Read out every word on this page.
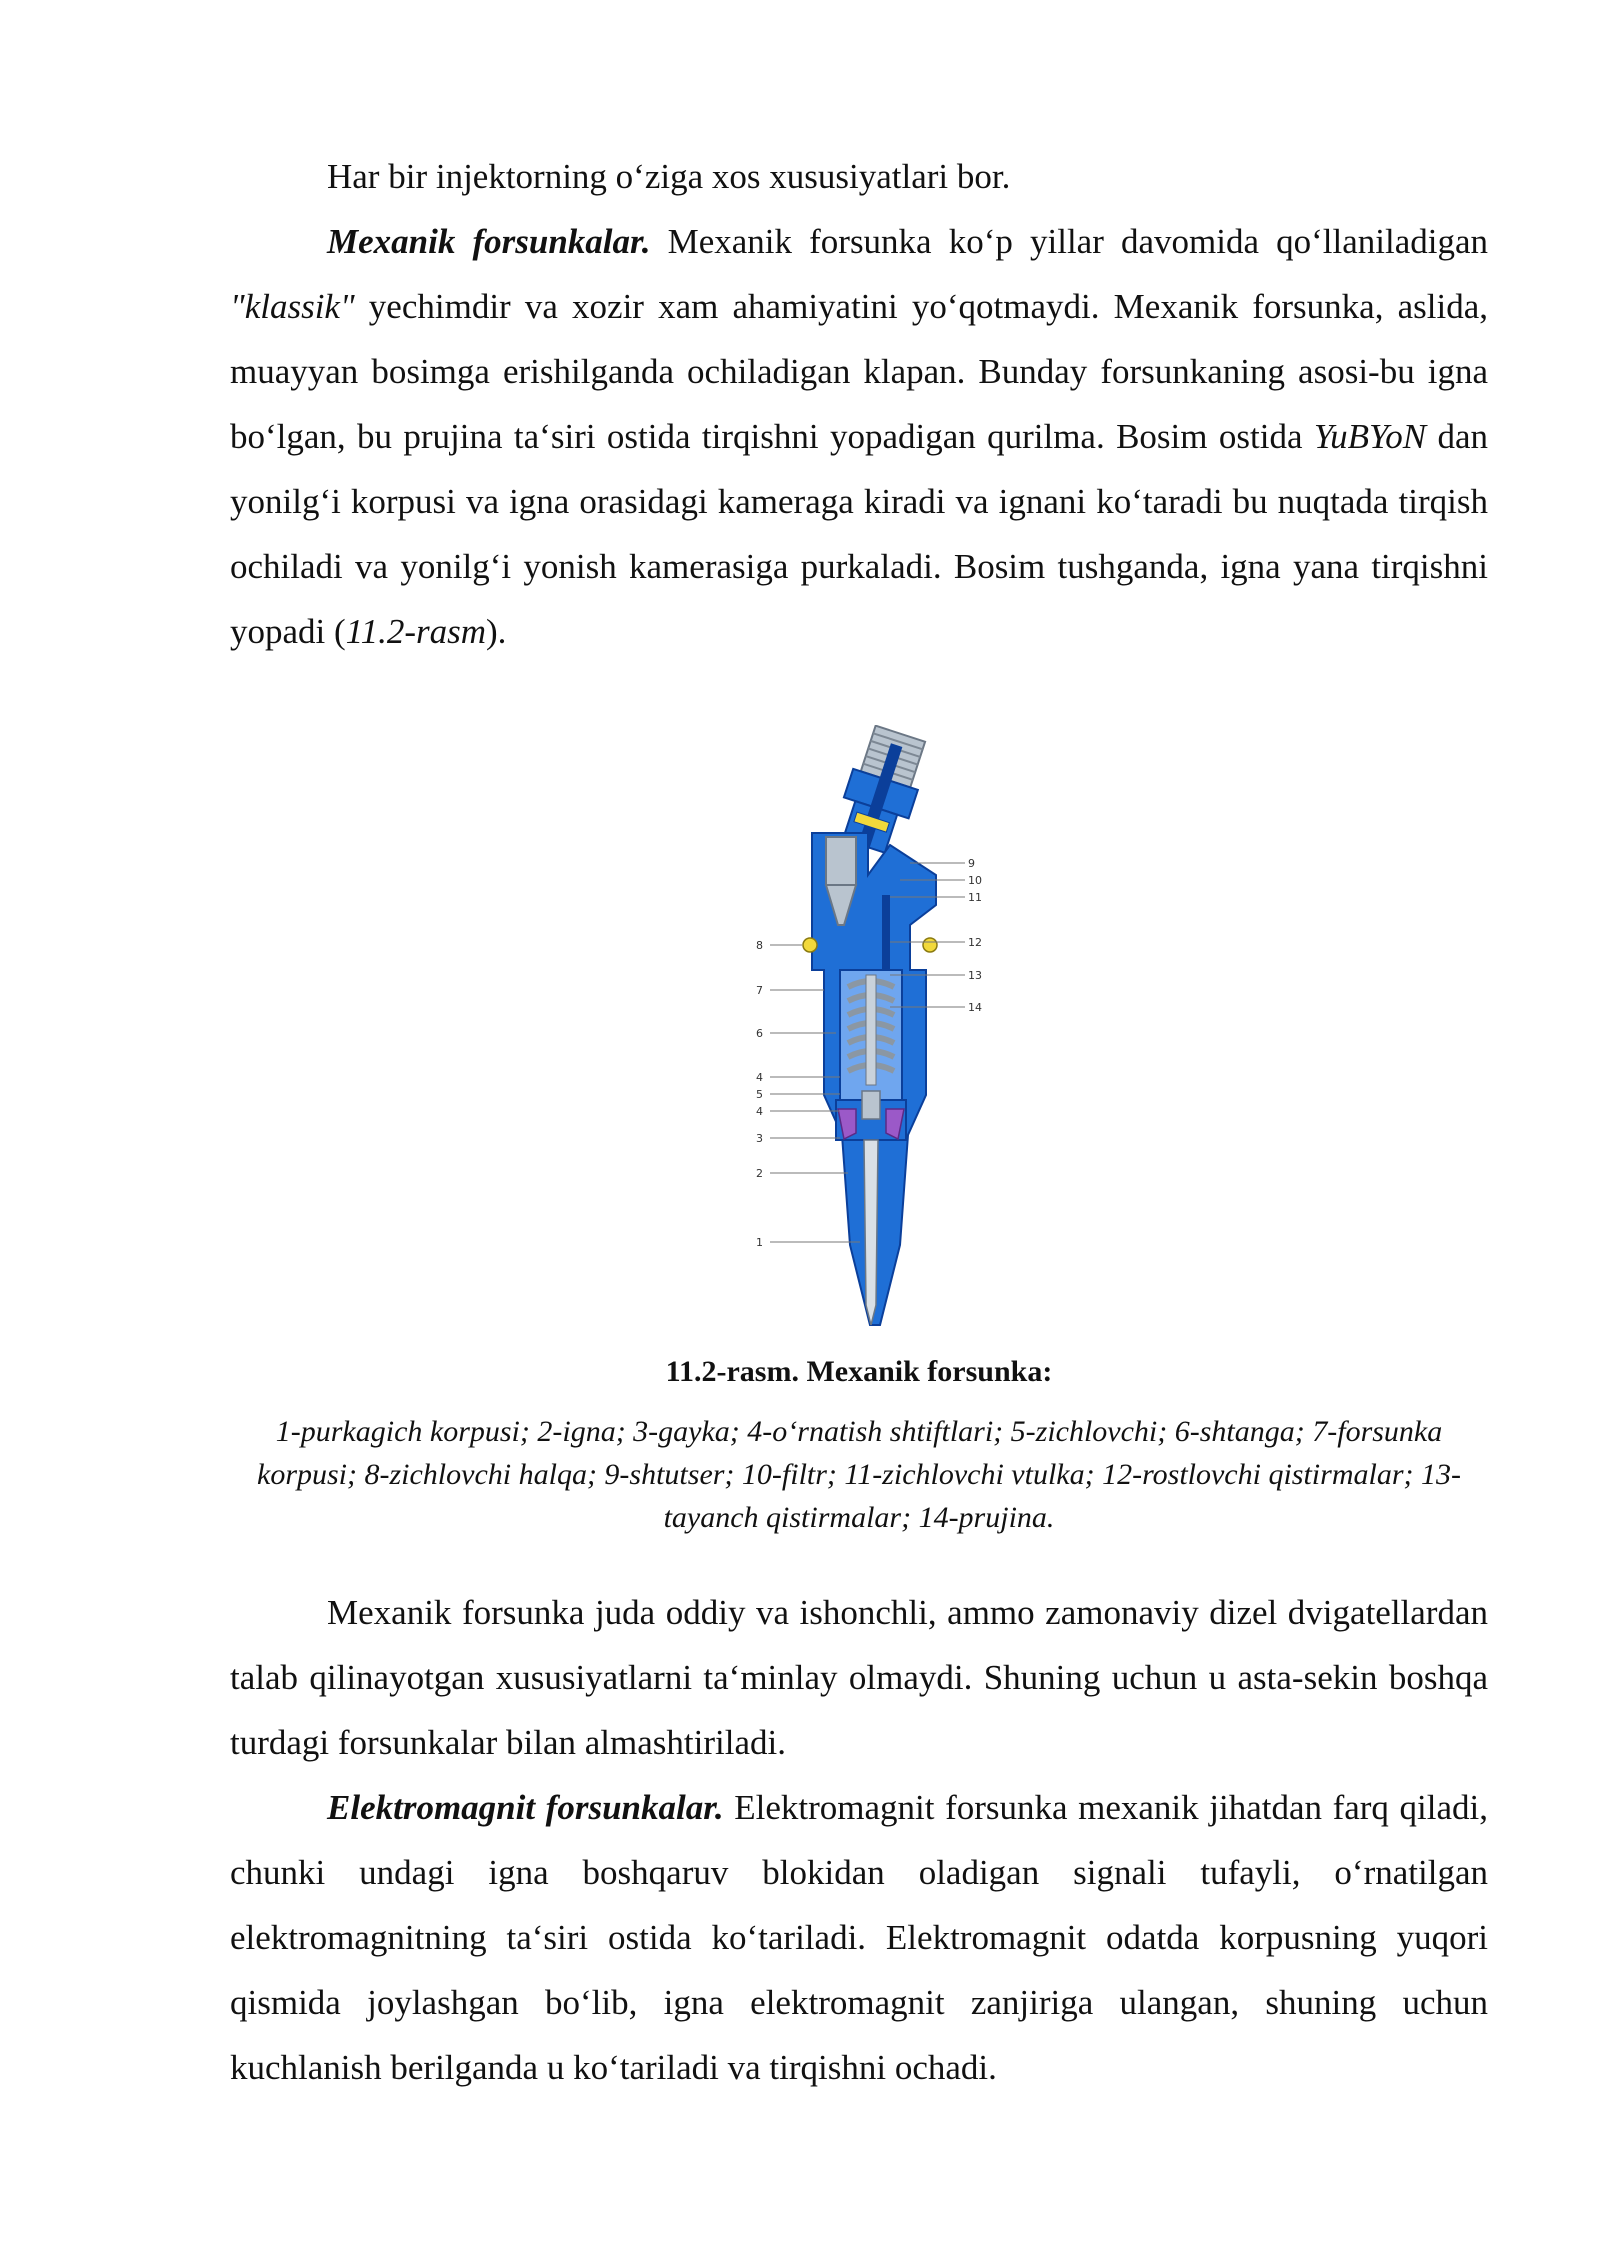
Har bir injektorning o‘ziga xos xususiyatlari bor.

Mexanik forsunkalar. Mexanik forsunka ko‘p yillar davomida qo‘llaniladigan "klassik" yechimdir va xozir xam ahamiyatini yo‘qotmaydi. Mexanik forsunka, aslida, muayyan bosimga erishilganda ochiladigan klapan. Bunday forsunkaning asosi-bu igna bo‘lgan, bu prujina ta‘siri ostida tirqishni yopadigan qurilma. Bosim ostida YuBYoN dan yonilg‘i korpusi va igna orasidagi kameraga kiradi va ignani ko‘taradi bu nuqtada tirqish ochiladi va yonilg‘i yonish kamerasiga purkaladi. Bosim tushganda, igna yana tirqishni yopadi (11.2-rasm).

8
7
6
4
5
4
3
2
1
9
10
11
12
13
14
11.2-rasm. Mexanik forsunka:
1-purkagich korpusi; 2-igna; 3-gayka; 4-o‘rnatish shtiftlari; 5-zichlovchi; 6-shtanga; 7-forsunka korpusi; 8-zichlovchi halqa; 9-shtutser; 10-filtr; 11-zichlovchi vtulka; 12-rostlovchi qistirmalar; 13-tayanch qistirmalar; 14-prujina.

Mexanik forsunka juda oddiy va ishonchli, ammo zamonaviy dizel dvigatellardan talab qilinayotgan xususiyatlarni ta‘minlay olmaydi. Shuning uchun u asta-sekin boshqa turdagi forsunkalar bilan almashtiriladi.

Elektromagnit forsunkalar. Elektromagnit forsunka mexanik jihatdan farq qiladi, chunki undagi igna boshqaruv blokidan oladigan signali tufayli, o‘rnatilgan elektromagnitning ta‘siri ostida ko‘tariladi. Elektromagnit odatda korpusning yuqori qismida joylashgan bo‘lib, igna elektromagnit zanjiriga ulangan, shuning uchun kuchlanish berilganda u ko‘tariladi va tirqishni ochadi.
